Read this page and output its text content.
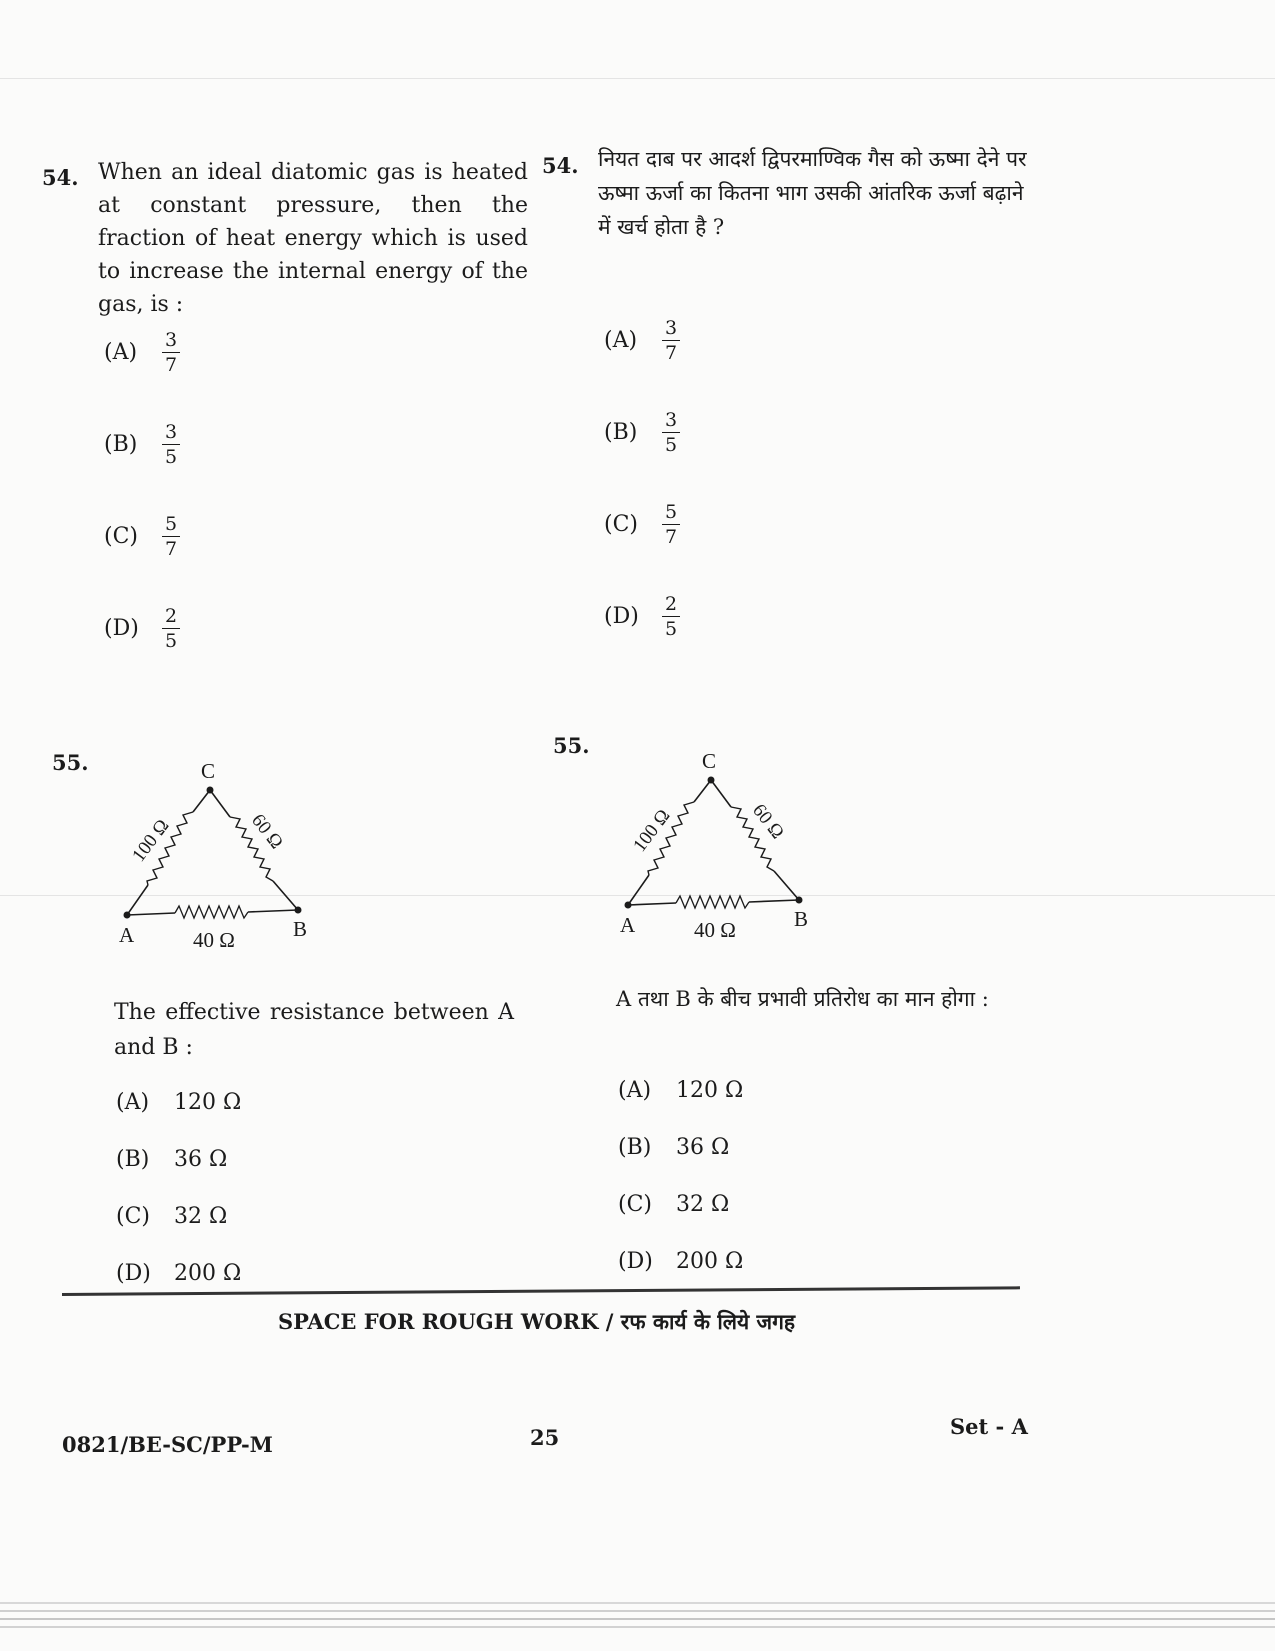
54. When an ideal diatomic gas is heated at constant pressure, then the fraction of heat energy which is used to increase the internal energy of the gas, is :
(A)	$\frac{3}{7}$
(B)	$\frac{3}{5}$
(C)	$\frac{5}{7}$
(D)	$\frac{2}{5}$
54. नियत दाब पर आदर्श द्विपरमाण्विक गैस को ऊष्मा देने पर ऊष्मा ऊर्जा का कितना भाग उसकी आंतरिक ऊर्जा बढ़ाने में खर्च होता है ?
(A)	$\frac{3}{7}$
(B)	$\frac{3}{5}$
(C)	$\frac{5}{7}$
(D)	$\frac{2}{5}$
55.	C
A	B
40 Ω
100 Ω	60 Ω
The effective resistance between A and B :
(A)	120 Ω
(B)	36 Ω
(C)	32 Ω
(D)	200 Ω
55.
C
A	B
40 Ω
100 Ω	60 Ω
A तथा B के बीच प्रभावी प्रतिरोध का मान होगा :
(A)	120 Ω
(B)	36 Ω
(C)	32 Ω
(D)	200 Ω
SPACE FOR ROUGH WORK / रफ कार्य के लिये जगह
0821/BE-SC/PP-M	25	Set - A
